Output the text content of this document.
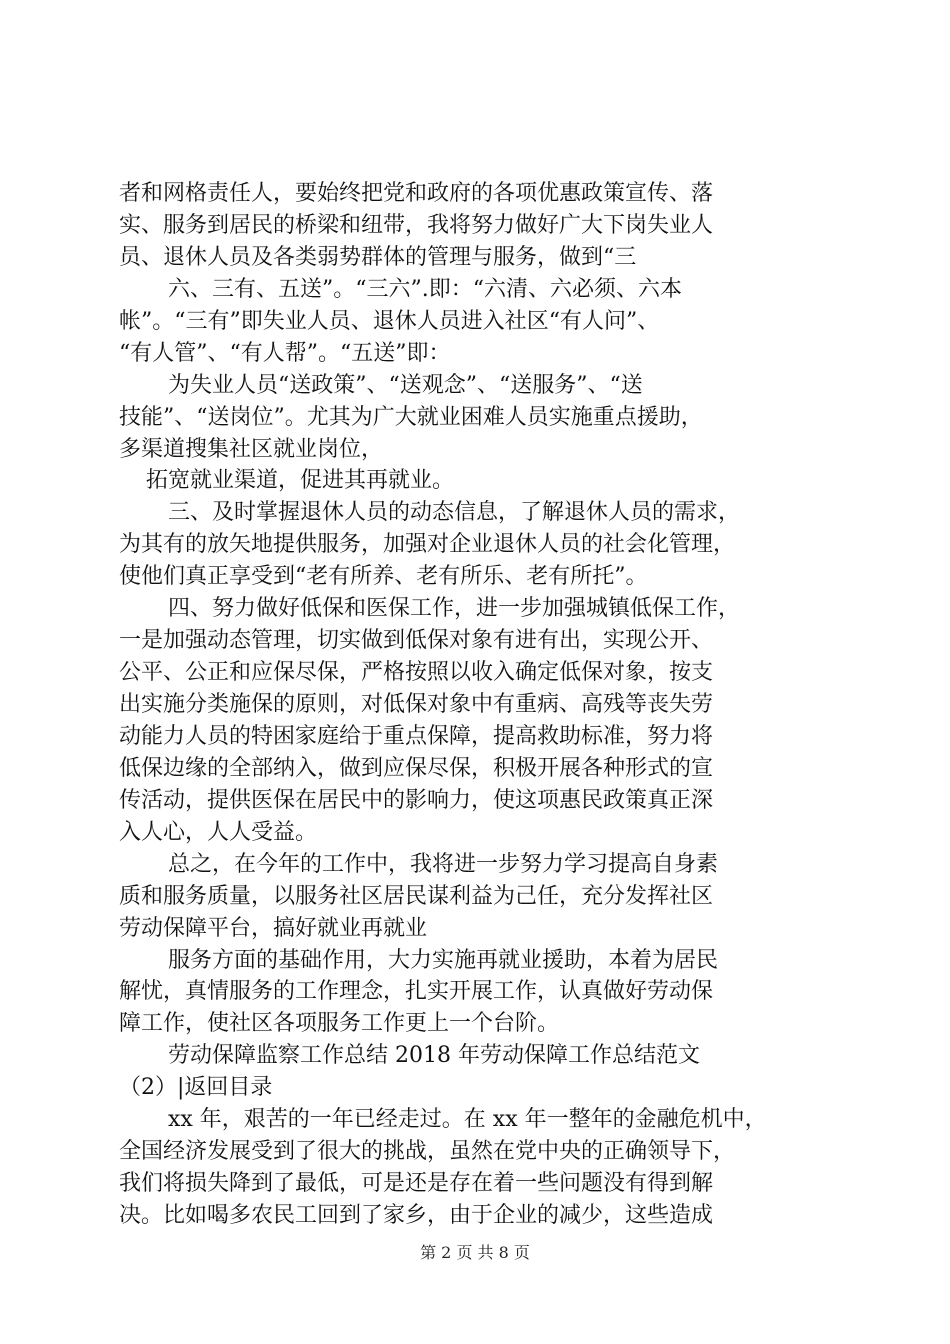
者和网格责任人，要始终把党和政府的各项优惠政策宣传、落
实、服务到居民的桥梁和纽带，我将努力做好广大下岗失业人
员、退休人员及各类弱势群体的管理与服务，做到“三
六、三有、五送”。“三六”.即：“六清、六必须、六本
帐”。“三有”即失业人员、退休人员进入社区“有人问”、
“有人管”、“有人帮”。“五送”即：
为失业人员“送政策”、“送观念”、“送服务”、“送
技能”、“送岗位”。尤其为广大就业困难人员实施重点援助，
多渠道搜集社区就业岗位，
拓宽就业渠道，促进其再就业。
三、及时掌握退休人员的动态信息，了解退休人员的需求，
为其有的放矢地提供服务，加强对企业退休人员的社会化管理，
使他们真正享受到“老有所养、老有所乐、老有所托”。
四、努力做好低保和医保工作，进一步加强城镇低保工作，
一是加强动态管理，切实做到低保对象有进有出，实现公开、
公平、公正和应保尽保，严格按照以收入确定低保对象，按支
出实施分类施保的原则，对低保对象中有重病、高残等丧失劳
动能力人员的特困家庭给于重点保障，提高救助标准，努力将
低保边缘的全部纳入，做到应保尽保，积极开展各种形式的宣
传活动，提供医保在居民中的影响力，使这项惠民政策真正深
入人心，人人受益。
总之，在今年的工作中，我将进一步努力学习提高自身素
质和服务质量，以服务社区居民谋利益为己任，充分发挥社区
劳动保障平台，搞好就业再就业
服务方面的基础作用，大力实施再就业援助，本着为居民
解忧，真情服务的工作理念，扎实开展工作，认真做好劳动保
障工作，使社区各项服务工作更上一个台阶。
劳动保障监察工作总结 2018 年劳动保障工作总结范文
（2）|返回目录
xx 年，艰苦的一年已经走过。在 xx 年一整年的金融危机中，
全国经济发展受到了很大的挑战，虽然在党中央的正确领导下，
我们将损失降到了最低，可是还是存在着一些问题没有得到解
决。比如喝多农民工回到了家乡，由于企业的减少，这些造成
第 2 页 共 8 页
